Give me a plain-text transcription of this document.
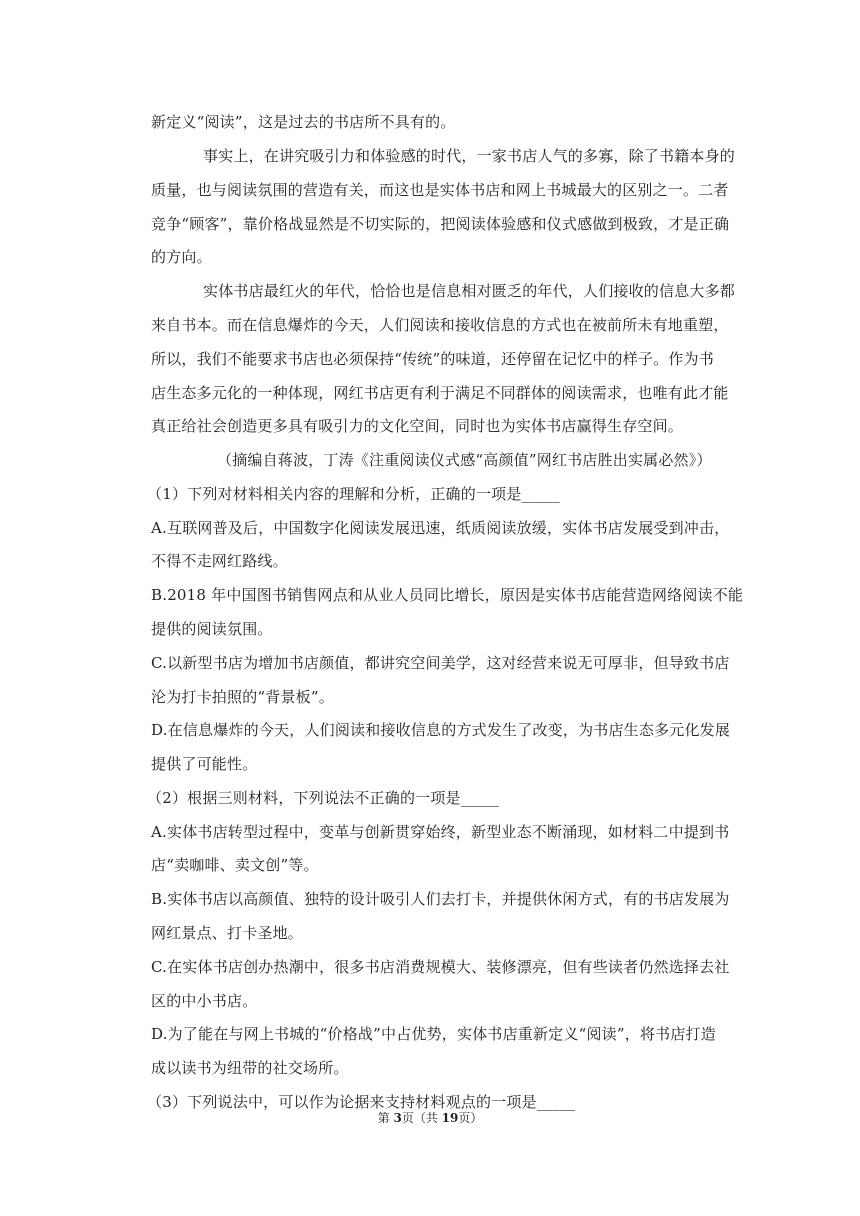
新定义“阅读”，这是过去的书店所不具有的。
事实上，在讲究吸引力和体验感的时代，一家书店人气的多寡，除了书籍本身的
质量，也与阅读氛围的营造有关，而这也是实体书店和网上书城最大的区别之一。二者
竞争“顾客”，靠价格战显然是不切实际的，把阅读体验感和仪式感做到极致，才是正确
的方向。
实体书店最红火的年代，恰恰也是信息相对匮乏的年代，人们接收的信息大多都
来自书本。而在信息爆炸的今天，人们阅读和接收信息的方式也在被前所未有地重塑，
所以，我们不能要求书店也必须保持“传统”的味道，还停留在记忆中的样子。作为书
店生态多元化的一种体现，网红书店更有利于满足不同群体的阅读需求，也唯有此才能
真正给社会创造更多具有吸引力的文化空间，同时也为实体书店赢得生存空间。
（摘编自蒋波，丁涛《注重阅读仪式感“高颜值”网红书店胜出实属必然》）
（1）下列对材料相关内容的理解和分析，正确的一项是_____
A.互联网普及后，中国数字化阅读发展迅速，纸质阅读放缓，实体书店发展受到冲击，
不得不走网红路线。
B.2018 年中国图书销售网点和从业人员同比增长，原因是实体书店能营造网络阅读不能
提供的阅读氛围。
C.以新型书店为增加书店颜值，都讲究空间美学，这对经营来说无可厚非，但导致书店
沦为打卡拍照的“背景板”。
D.在信息爆炸的今天，人们阅读和接收信息的方式发生了改变，为书店生态多元化发展
提供了可能性。
（2）根据三则材料，下列说法不正确的一项是_____
A.实体书店转型过程中，变革与创新贯穿始终，新型业态不断涌现，如材料二中提到书
店“卖咖啡、卖文创”等。
B.实体书店以高颜值、独特的设计吸引人们去打卡，并提供休闲方式，有的书店发展为
网红景点、打卡圣地。
C.在实体书店创办热潮中，很多书店消费规模大、装修漂亮，但有些读者仍然选择去社
区的中小书店。
D.为了能在与网上书城的“价格战”中占优势，实体书店重新定义“阅读”，将书店打造
成以读书为纽带的社交场所。
（3）下列说法中，可以作为论据来支持材料观点的一项是_____
第 3页（共 19页）
